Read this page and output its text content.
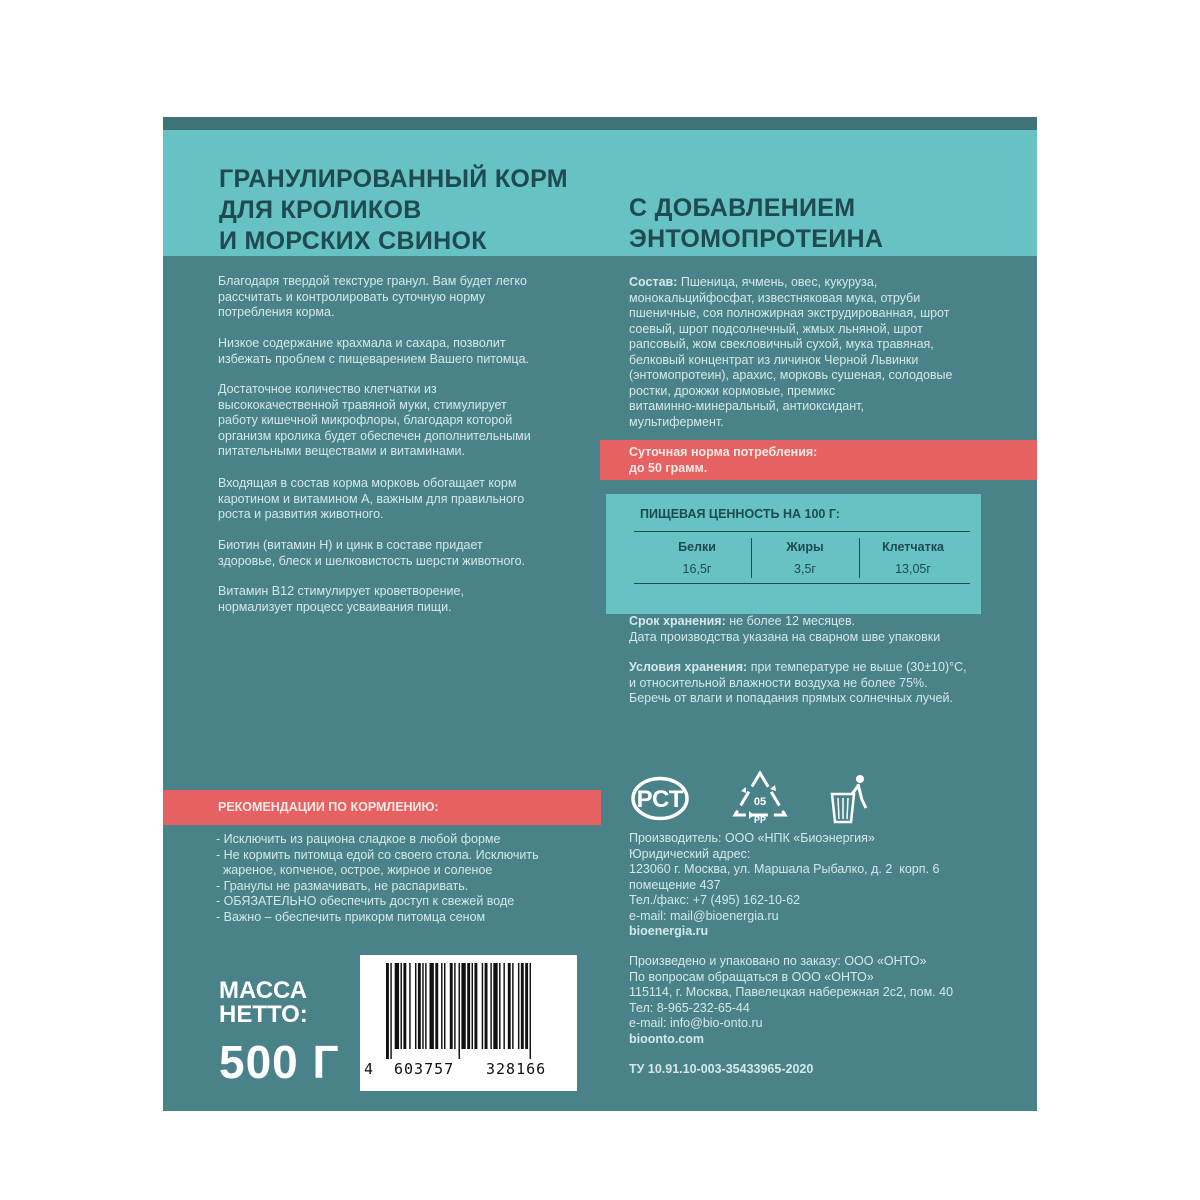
ГРАНУЛИРОВАННЫЙ КОРМ
ДЛЯ КРОЛИКОВ
И МОРСКИХ СВИНОК
С ДОБАВЛЕНИЕМ
ЭНТОМОПРОТЕИНА
Благодаря твердой текстуре гранул. Вам будет легко
рассчитать и контролировать суточную норму
потребления корма.
Низкое содержание крахмала и сахара, позволит
избежать проблем с пищеварением Вашего питомца.
Достаточное количество клетчатки из
высококачественной травяной муки, стимулирует
работу кишечной микрофлоры, благодаря которой
организм кролика будет обеспечен дополнительными
питательными веществами и витаминами.
Входящая в состав корма морковь обогащает корм
каротином и витамином А, важным для правильного
роста и развития животного.
Биотин (витамин Н) и цинк в составе придает
здоровье, блеск и шелковистость шерсти животного.
Витамин В12 стимулирует кроветворение,
нормализует процесс усваивания пищи.
Состав: Пшеница, ячмень, овес, кукуруза,
монокальцийфосфат, известняковая мука, отруби
пшеничные, соя полножирная экструдированная, шрот
соевый, шрот подсолнечный, жмых льняной, шрот
рапсовый, жом свекловичный сухой, мука травяная,
белковый концентрат из личинок Черной Львинки
(энтомопротеин), арахис, морковь сушеная, солодовые
ростки, дрожжи кормовые, премикс
витаминно-минеральный, антиоксидант,
мультифермент.
Суточная норма потребления:
до 50 грамм.
ПИЩЕВАЯ ЦЕННОСТЬ НА 100 Г:
Белки
16,5г
Жиры
3,5г
Клетчатка
13,05г
Срок хранения: не более 12 месяцев.
Дата производства указана на сварном шве упаковки
Условия хранения: при температуре не выше (30±10)°С,
и относительной влажности воздуха не более 75%.
Беречь от влаги и попадания прямых солнечных лучей.
РСТ	05
PP
РЕКОМЕНДАЦИИ ПО КОРМЛЕНИЮ:
- Исключить из рациона сладкое в любой форме
- Не кормить питомца едой со своего стола. Исключить
жареное, копченое, острое, жирное и соленое
- Гранулы не размачивать, не распаривать.
- ОБЯЗАТЕЛЬНО обеспечить доступ к свежей воде
- Важно – обеспечить прикорм питомца сеном
Производитель: ООО «НПК «Биоэнергия»
Юридический адрес:
123060 г. Москва, ул. Маршала Рыбалко, д. 2  корп. 6
помещение 437
Тел./факс: +7 (495) 162-10-62
e-mail: mail@bioenergia.ru
bioenergia.ru
Произведено и упаковано по заказу: ООО «ОНТО»
По вопросам обращаться в ООО «ОНТО»
115114, г. Москва, Павелецкая набережная 2с2, пом. 40
Тел: 8-965-232-65-44
e-mail: info@bio-onto.ru
bioonto.com
ТУ 10.91.10-003-35433965-2020
МАССА
НЕТТО:
500 Г 4 603757 328166
